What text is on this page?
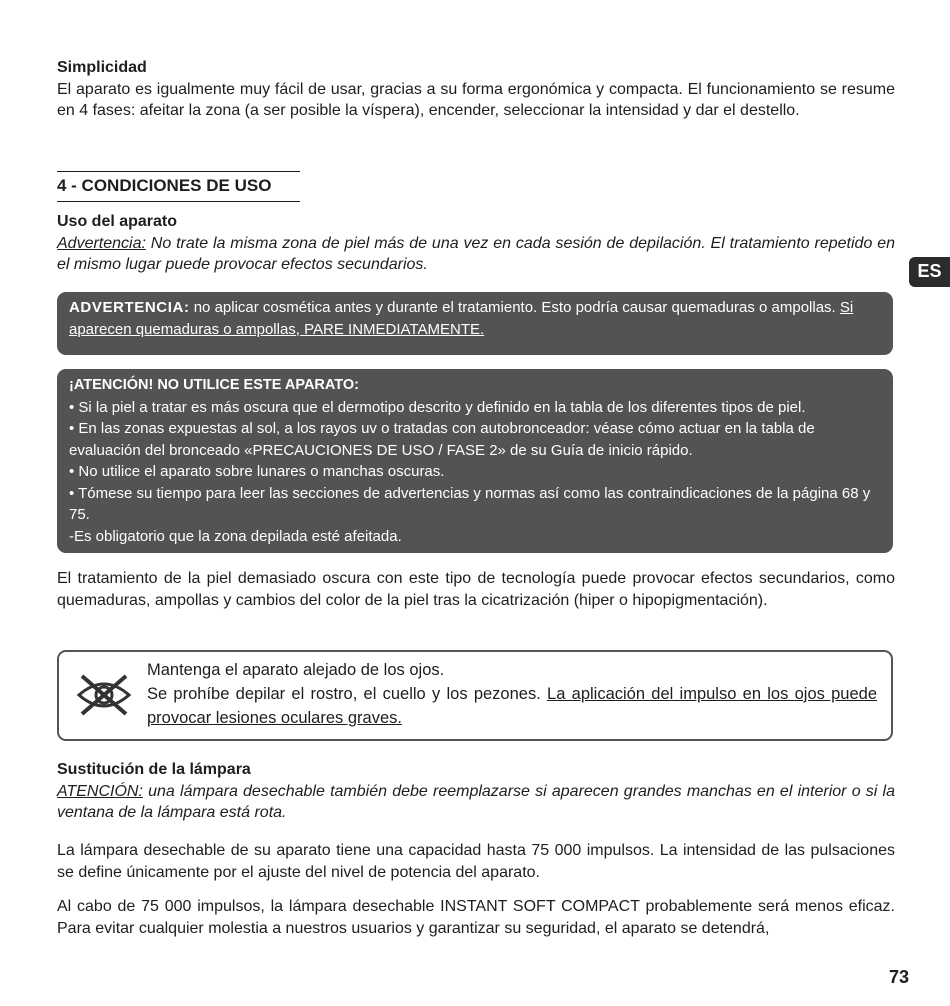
Simplicidad
El aparato es igualmente muy fácil de usar, gracias a su forma ergonómica y compacta. El funcionamiento se resume en 4 fases: afeitar la zona (a ser posible la víspera), encender, seleccionar la intensidad y dar el destello.
4 - CONDICIONES DE USO
Uso del aparato
Advertencia: No trate la misma zona de piel más de una vez en cada sesión de depilación. El tratamiento repetido en el mismo lugar puede provocar efectos secundarios.
ADVERTENCIA: no aplicar cosmética antes y durante el tratamiento. Esto podría causar quemaduras o ampollas. Si aparecen quemaduras o ampollas, PARE INMEDIATAMENTE.
¡ATENCIÓN! NO UTILICE ESTE APARATO:
• Si la piel a tratar es más oscura que el dermotipo descrito y definido en la tabla de los diferentes tipos de piel.
• En las zonas expuestas al sol, a los rayos uv o tratadas con autobronceador: véase cómo actuar en la tabla de evaluación del bronceado «PRECAUCIONES DE USO / FASE 2» de su Guía de inicio rápido.
• No utilice el aparato sobre lunares o manchas oscuras.
• Tómese su tiempo para leer las secciones de advertencias y normas así como las contraindicaciones de la página 68 y 75.
-Es obligatorio que la zona depilada esté afeitada.
El tratamiento de la piel demasiado oscura con este tipo de tecnología puede provocar efectos secundarios, como quemaduras, ampollas y cambios del color de la piel tras la cicatrización (hiper o hipopigmentación).
Mantenga el aparato alejado de los ojos.
Se prohíbe depilar el rostro, el cuello y los pezones. La aplicación del impulso en los ojos puede provocar lesiones oculares graves.
Sustitución de la lámpara
ATENCIÓN: una lámpara desechable también debe reemplazarse si aparecen grandes manchas en el interior o si la ventana de la lámpara está rota.
La lámpara desechable de su aparato tiene una capacidad hasta 75 000 impulsos. La intensidad de las pulsaciones se define únicamente por el ajuste del nivel de potencia del aparato.
Al cabo de 75 000 impulsos, la lámpara desechable INSTANT SOFT COMPACT probablemente será menos eficaz. Para evitar cualquier molestia a nuestros usuarios y garantizar su seguridad, el aparato se detendrá,
ES
73
